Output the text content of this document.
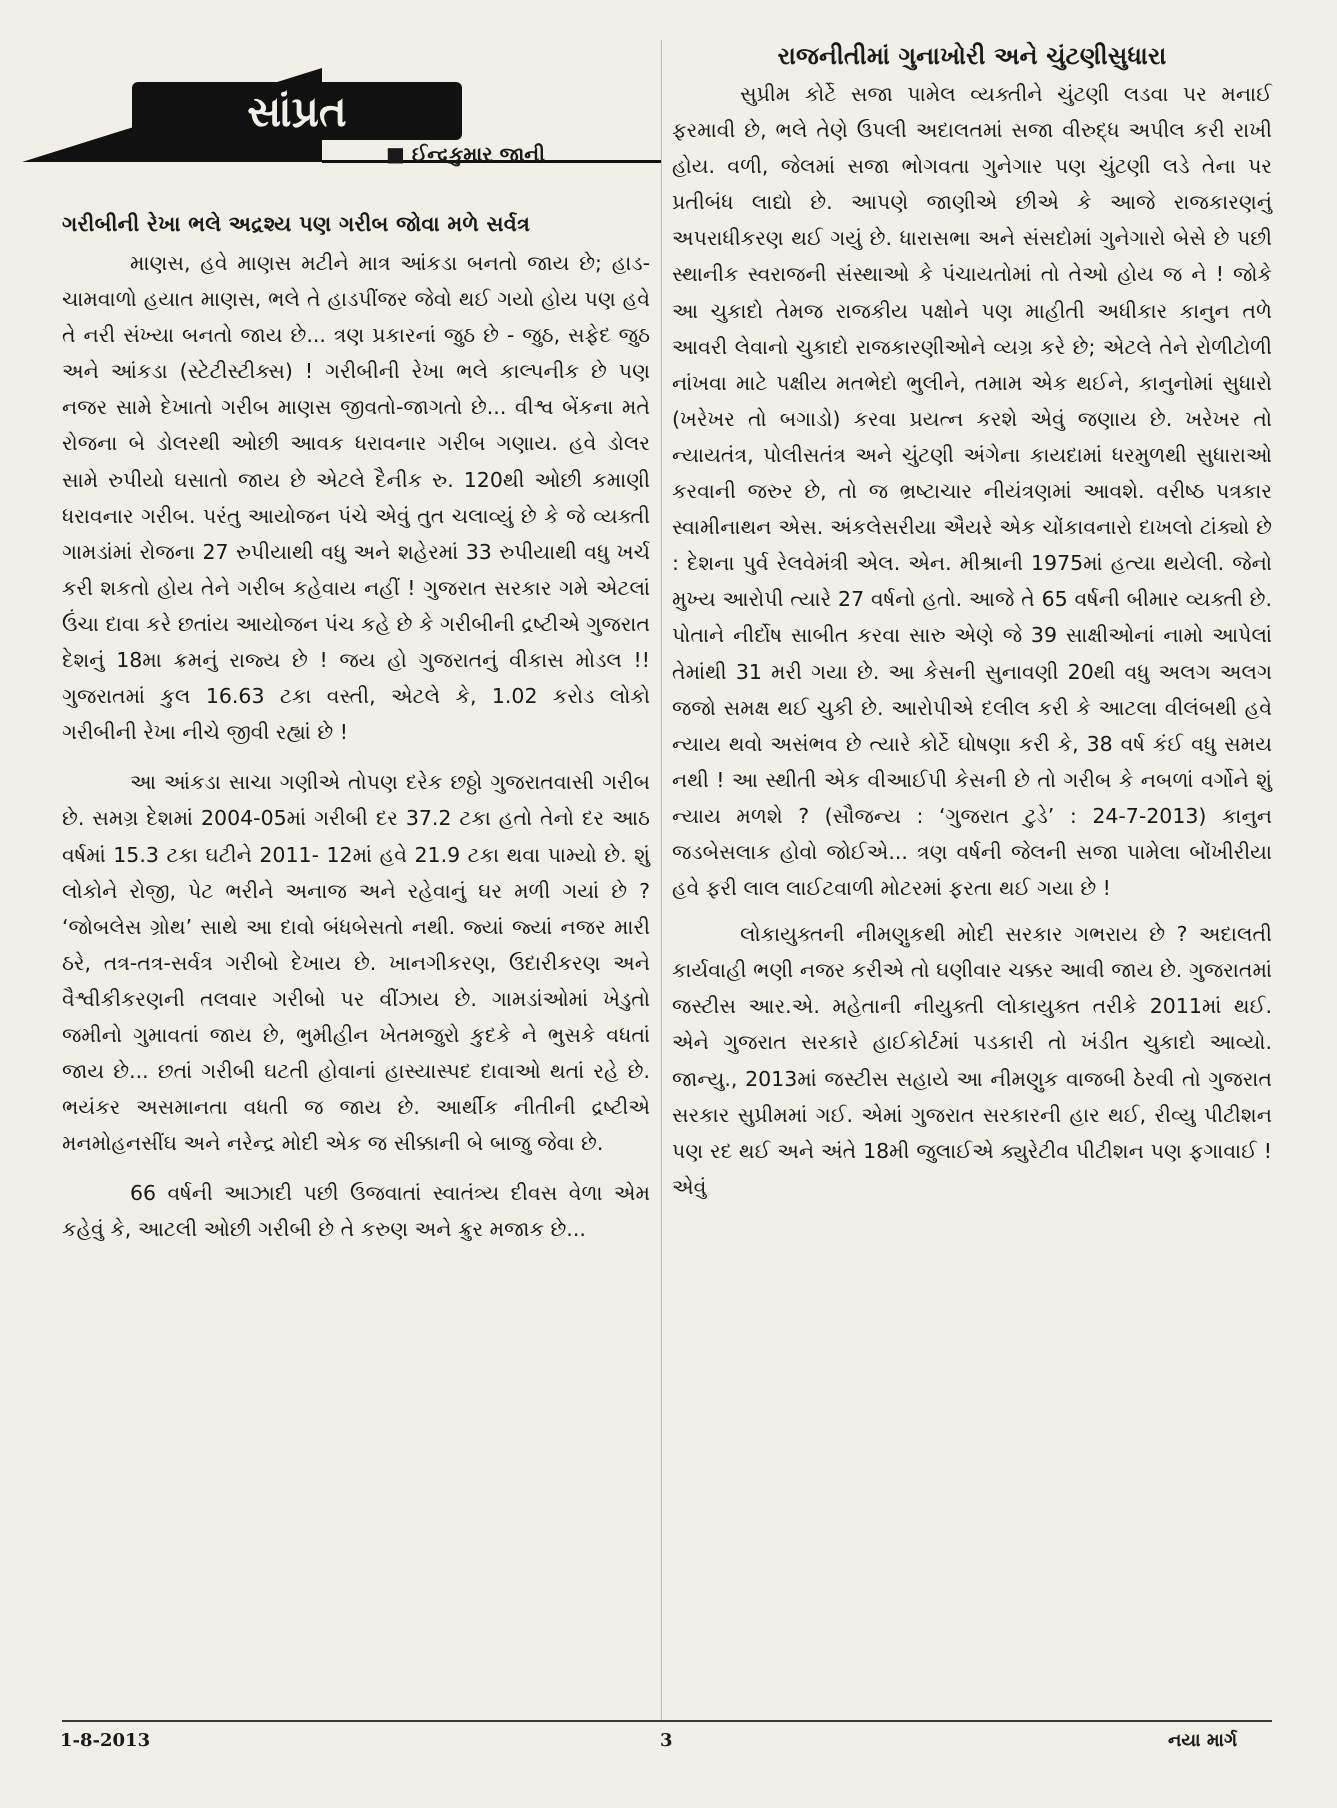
સાંપ્રત
■ ઈન્દ્રકુમાર જાની
ગરીબીની રેખા ભલે અદ્રશ્ય પણ ગરીબ જોવા મળે સર્વત્ર

માણસ, હવે માણસ મટીને માત્ર આંકડા બનતો જાય છે; હાડ-ચામવાળો હયાત માણસ, ભલે તે હાડપીંજર જેવો થઈ ગયો હોય પણ હવે તે નરી સંખ્યા બનતો જાય છે... ત્રણ પ્રકારનાં જુઠ છે - જુઠ, સફેદ જુઠ અને આંકડા (સ્ટેટીસ્ટીક્સ) ! ગરીબીની રેખા ભલે કાલ્પનીક છે પણ નજર સામે દેખાતો ગરીબ માણસ જીવતો-જાગતો છે... વીશ્વ બેંકના મતે રોજના બે ડોલરથી ઓછી આવક ધરાવનાર ગરીબ ગણાય. હવે ડોલર સામે રુપીયો ઘસાતો જાય છે એટલે દૈનીક રુ. 120થી ઓછી કમાણી ધરાવનાર ગરીબ. પરંતુ આયોજન પંચે એવું તુત ચલાવ્યું છે કે જે વ્યક્તી ગામડાંમાં રોજના 27 રુપીયાથી વધુ અને શહેરમાં 33 રુપીયાથી વધુ ખર્ચ કરી શકતો હોય તેને ગરીબ કહેવાય નહીં ! ગુજરાત સરકાર ગમે એટલાં ઉંચા દાવા કરે છતાંય આયોજન પંચ કહે છે કે ગરીબીની દ્રષ્ટીએ ગુજરાત દેશનું 18મા ક્રમનું રાજ્ય છે ! જય હો ગુજરાતનું વીકાસ મોડલ !! ગુજરાતમાં કુલ 16.63 ટકા વસ્તી, એટલે કે, 1.02 કરોડ લોકો ગરીબીની રેખા નીચે જીવી રહ્યાં છે !

આ આંકડા સાચા ગણીએ તોપણ દરેક છઠ્ઠો ગુજરાતવાસી ગરીબ છે. સમગ્ર દેશમાં 2004-05માં ગરીબી દર 37.2 ટકા હતો તેનો દર આઠ વર્ષમાં 15.3 ટકા ઘટીને 2011- 12માં હવે 21.9 ટકા થવા પામ્યો છે. શું લોકોને રોજી, પેટ ભરીને અનાજ અને રહેવાનું ઘર મળી ગયાં છે ? ‘જોબલેસ ગ્રોથ’ સાથે આ દાવો બંધબેસતો નથી. જ્યાં જ્યાં નજર મારી ઠરે, તત્ર-તત્ર-સર્વત્ર ગરીબો દેખાય છે. ખાનગીકરણ, ઉદારીકરણ અને વૈશ્વીકીકરણની તલવાર ગરીબો પર વીંઝાય છે. ગામડાંઓમાં ખેડુતો જમીનો ગુમાવતાં જાય છે, ભુમીહીન ખેતમજુરો કુદકે ને ભુસકે વધતાં જાય છે... છતાં ગરીબી ઘટતી હોવાનાં હાસ્યાસ્પદ દાવાઓ થતાં રહે છે. ભયંકર અસમાનતા વધતી જ જાય છે. આર્થીક નીતીની દ્રષ્ટીએ મનમોહનસીંઘ અને નરેન્દ્ર મોદી એક જ સીક્કાની બે બાજુ જેવા છે.

66 વર્ષની આઝાદી પછી ઉજવાતાં સ્વાતંત્ર્ય દીવસ વેળા એમ કહેવું કે, આટલી ઓછી ગરીબી છે તે કરુણ અને ક્રુર મજાક છે...

રાજનીતીમાં ગુનાખોરી અને ચુંટણીસુધારા

સુપ્રીમ કોર્ટે સજા પામેલ વ્યક્તીને ચુંટણી લડવા પર મનાઈ ફરમાવી છે, ભલે તેણે ઉપલી અદાલતમાં સજા વીરુદ્ધ અપીલ કરી રાખી હોય. વળી, જેલમાં સજા ભોગવતા ગુનેગાર પણ ચુંટણી લડે તેના પર પ્રતીબંધ લાદ્યો છે. આપણે જાણીએ છીએ કે આજે રાજકારણનું અપરાધીકરણ થઈ ગયું છે. ધારાસભા અને સંસદોમાં ગુનેગારો બેસે છે પછી સ્થાનીક સ્વરાજની સંસ્થાઓ કે પંચાયતોમાં તો તેઓ હોય જ ને ! જોકે આ ચુકાદો તેમજ રાજકીય પક્ષોને પણ માહીતી અધીકાર કાનુન તળે આવરી લેવાનો ચુકાદો રાજકારણીઓને વ્યગ્ર કરે છે; એટલે તેને રોળીટોળી નાંખવા માટે પક્ષીય મતભેદો ભુલીને, તમામ એક થઈને, કાનુનોમાં સુધારો (ખરેખર તો બગાડો) કરવા પ્રયત્ન કરશે એવું જણાય છે. ખરેખર તો ન્યાયતંત્ર, પોલીસતંત્ર અને ચુંટણી અંગેના કાયદામાં ધરમુળથી સુધારાઓ કરવાની જરુર છે, તો જ ભ્રષ્ટાચાર નીયંત્રણમાં આવશે. વરીષ્ઠ પત્રકાર સ્વામીનાથન એસ. અંકલેસરીયા ઐયરે એક ચોંકાવનારો દાખલો ટાંક્યો છે : દેશના પુર્વ રેલવેમંત્રી એલ. એન. મીશ્રાની 1975માં હત્યા થયેલી. જેનો મુખ્ય આરોપી ત્યારે 27 વર્ષનો હતો. આજે તે 65 વર્ષની બીમાર વ્યક્તી છે. પોતાને નીર્દોષ સાબીત કરવા સારુ એણે જે 39 સાક્ષીઓનાં નામો આપેલાં તેમાંથી 31 મરી ગયા છે. આ કેસની સુનાવણી 20થી વધુ અલગ અલગ જજો સમક્ષ થઈ ચુકી છે. આરોપીએ દલીલ કરી કે આટલા વીલંબથી હવે ન્યાય થવો અસંભવ છે ત્યારે કોર્ટે ઘોષણા કરી કે, 38 વર્ષ કંઈ વધુ સમય નથી ! આ સ્થીતી એક વીઆઈપી કેસની છે તો ગરીબ કે નબળાં વર્ગોને શું ન્યાય મળશે ? (સૌજન્ય : ‘ગુજરાત ટુડે’ : 24-7-2013) કાનુન જડબેસલાક હોવો જોઈએ... ત્રણ વર્ષની જેલની સજા પામેલા બોંખીરીયા હવે ફરી લાલ લાઈટવાળી મોટરમાં ફરતા થઈ ગયા છે !

લોકાયુક્તની નીમણુકથી મોદી સરકાર ગભરાય છે ? અદાલતી કાર્યવાહી ભણી નજર કરીએ તો ઘણીવાર ચક્કર આવી જાય છે. ગુજરાતમાં જસ્ટીસ આર.એ. મહેતાની નીયુક્તી લોકાયુક્ત તરીકે 2011માં થઈ. એને ગુજરાત સરકારે હાઈકોર્ટમાં પડકારી તો ખંડીત ચુકાદો આવ્યો. જાન્યુ., 2013માં જસ્ટીસ સહાયે આ નીમણુક વાજબી ઠેરવી તો ગુજરાત સરકાર સુપ્રીમમાં ગઈ. એમાં ગુજરાત સરકારની હાર થઈ, રીવ્યુ પીટીશન પણ રદ થઈ અને અંતે 18મી જુલાઈએ ક્યુરેટીવ પીટીશન પણ ફગાવાઈ ! એવું

1-8-2013	3	નયા માર્ગ
